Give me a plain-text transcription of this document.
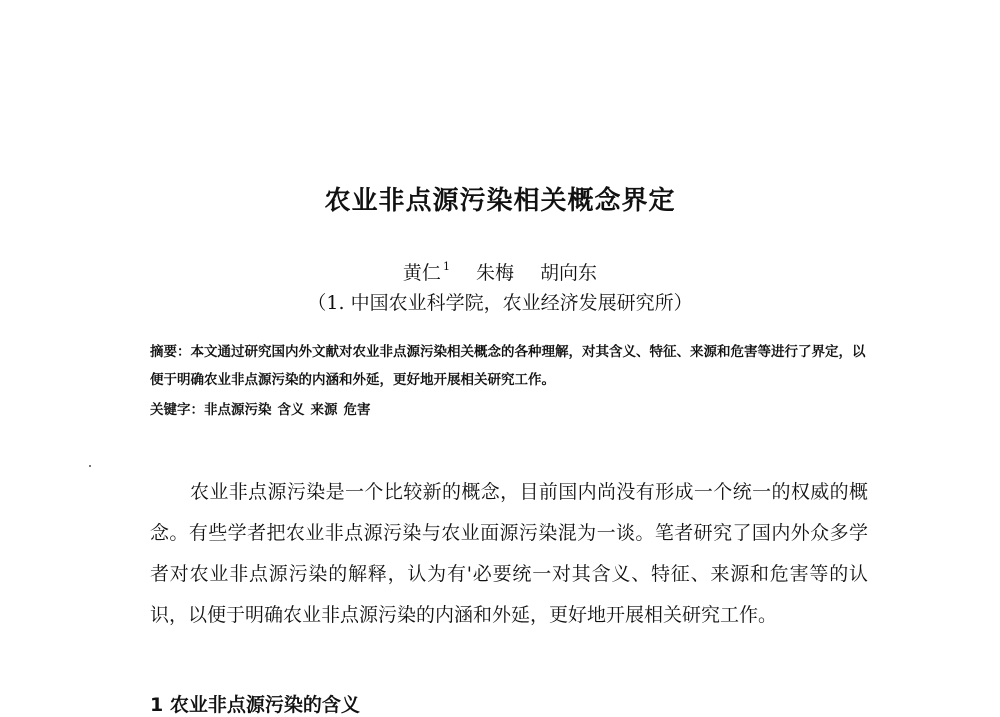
农业非点源污染相关概念界定
黄仁 $^1$ 朱梅 胡向东
（1. 中国农业科学院，农业经济发展研究所）
摘要：本文通过研究国内外文献对农业非点源污染相关概念的各种理解，对其含义、特征、来源和危害等进行了界定，以便于明确农业非点源污染的内涵和外延，更好地开展相关研究工作。
关键字：非点源污染 含义 来源 危害

农业非点源污染是一个比较新的概念，目前国内尚没有形成一个统一的权威的概念。有些学者把农业非点源污染与农业面源污染混为一谈。笔者研究了国内外众多学者对农业非点源污染的解释，认为有'必要统一对其含义、特征、来源和危害等的认识，以便于明确农业非点源污染的内涵和外延，更好地开展相关研究工作。

1 农业非点源污染的含义
